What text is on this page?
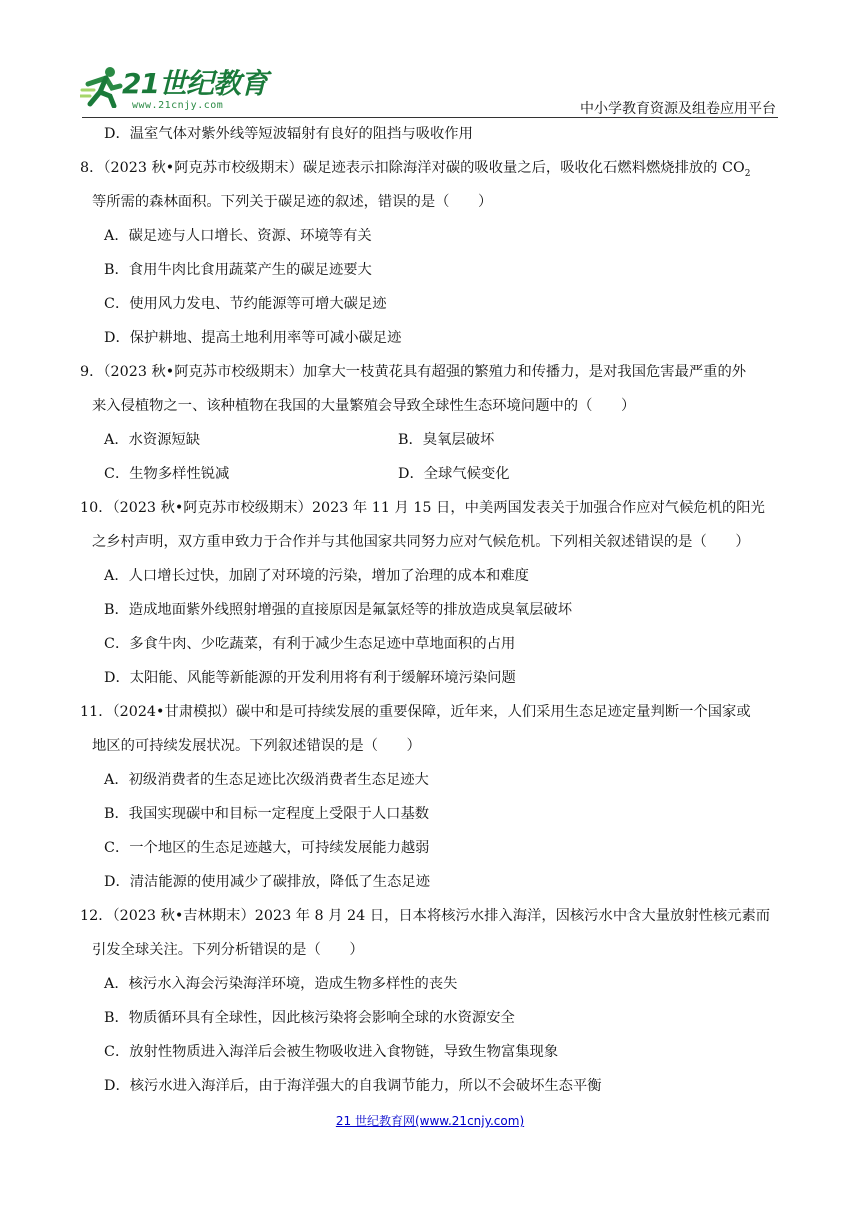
21世纪教育
www.21cnjy.com	中小学教育资源及组卷应用平台
D．温室气体对紫外线等短波辐射有良好的阻挡与吸收作用
8．（2023 秋•阿克苏市校级期末）碳足迹表示扣除海洋对碳的吸收量之后，吸收化石燃料燃烧排放的 $CO_2$
等所需的森林面积。下列关于碳足迹的叙述，错误的是（　　）
A．碳足迹与人口增长、资源、环境等有关
B．食用牛肉比食用蔬菜产生的碳足迹要大
C．使用风力发电、节约能源等可增大碳足迹
D．保护耕地、提高土地利用率等可减小碳足迹
9．（2023 秋•阿克苏市校级期末）加拿大一枝黄花具有超强的繁殖力和传播力，是对我国危害最严重的外
来入侵植物之一、该种植物在我国的大量繁殖会导致全球性生态环境问题中的（　　）
A．水资源短缺	B．臭氧层破坏
C．生物多样性锐减	D．全球气候变化
10．（2023 秋•阿克苏市校级期末）2023 年 11 月 15 日，中美两国发表关于加强合作应对气候危机的阳光
之乡村声明，双方重申致力于合作并与其他国家共同努力应对气候危机。下列相关叙述错误的是（　　）
A．人口增长过快，加剧了对环境的污染，增加了治理的成本和难度
B．造成地面紫外线照射增强的直接原因是氟氯烃等的排放造成臭氧层破坏
C．多食牛肉、少吃蔬菜，有利于减少生态足迹中草地面积的占用
D．太阳能、风能等新能源的开发利用将有利于缓解环境污染问题
11．（2024•甘肃模拟）碳中和是可持续发展的重要保障，近年来，人们采用生态足迹定量判断一个国家或
地区的可持续发展状况。下列叙述错误的是（　　）
A．初级消费者的生态足迹比次级消费者生态足迹大
B．我国实现碳中和目标一定程度上受限于人口基数
C．一个地区的生态足迹越大，可持续发展能力越弱
D．清洁能源的使用减少了碳排放，降低了生态足迹
12．（2023 秋•吉林期末）2023 年 8 月 24 日，日本将核污水排入海洋，因核污水中含大量放射性核元素而
引发全球关注。下列分析错误的是（　　）
A．核污水入海会污染海洋环境，造成生物多样性的丧失
B．物质循环具有全球性，因此核污染将会影响全球的水资源安全
C．放射性物质进入海洋后会被生物吸收进入食物链，导致生物富集现象
D．核污水进入海洋后，由于海洋强大的自我调节能力，所以不会破坏生态平衡
21 世纪教育网(www.21cnjy.com)
